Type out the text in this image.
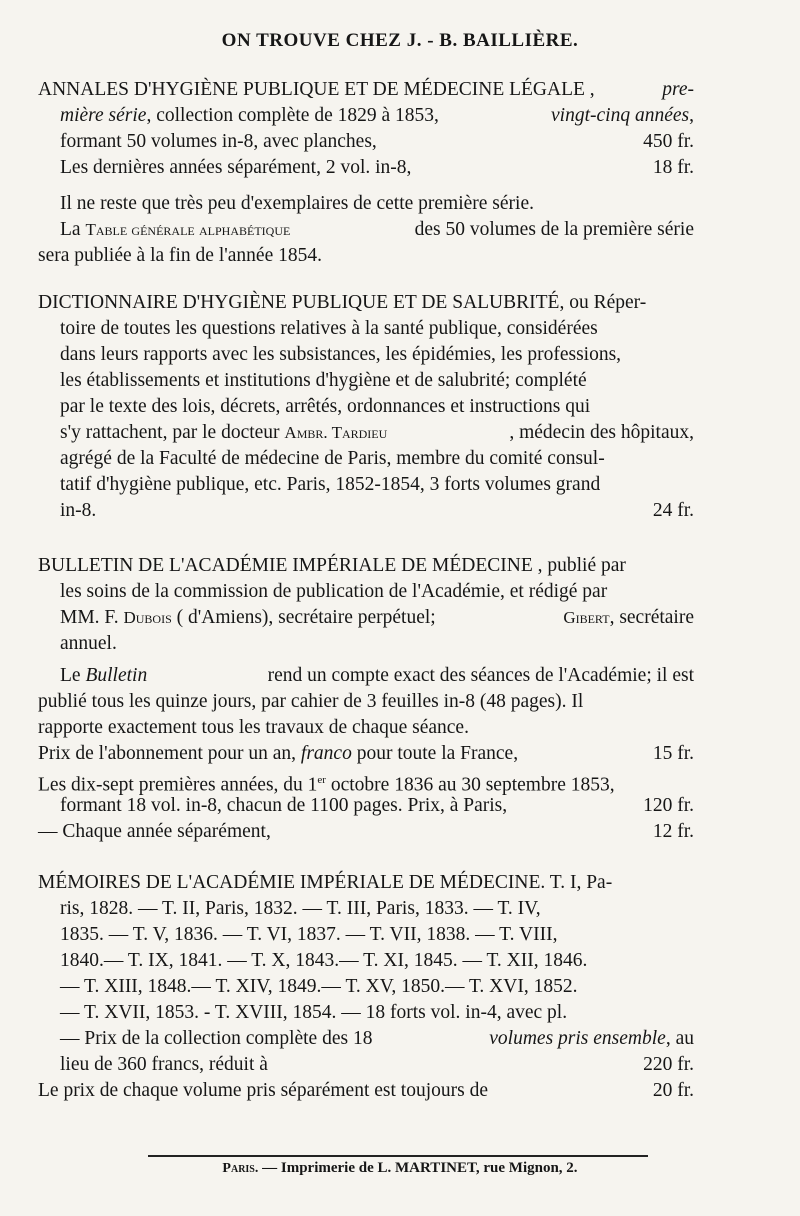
ON TROUVE CHEZ J. - B. BAILLIÈRE.
ANNALES D'HYGIÈNE PUBLIQUE ET DE MÉDECINE LÉGALE ,	pre-
mière série, collection complète de 1829 à 1853,	vingt-cinq années,
formant 50 volumes in-8, avec planches,	450 fr.
Les dernières années séparément, 2 vol. in-8,	18 fr.
Il ne reste que très peu d'exemplaires de cette première série.
La Table générale alphabétique	des 50 volumes de la première série
sera publiée à la fin de l'année 1854.
DICTIONNAIRE D'HYGIÈNE PUBLIQUE ET DE SALUBRITÉ, ou Réper-
toire de toutes les questions relatives à la santé publique, considérées
dans leurs rapports avec les subsistances, les épidémies, les professions,
les établissements et institutions d'hygiène et de salubrité; complété
par le texte des lois, décrets, arrêtés, ordonnances et instructions qui
s'y rattachent, par le docteur Ambr. Tardieu	, médecin des hôpitaux,
agrégé de la Faculté de médecine de Paris, membre du comité consul-
tatif d'hygiène publique, etc. Paris, 1852-1854, 3 forts volumes grand
in-8.	24 fr.
BULLETIN DE L'ACADÉMIE IMPÉRIALE DE MÉDECINE , publié par
les soins de la commission de publication de l'Académie, et rédigé par
MM. F. Dubois ( d'Amiens), secrétaire perpétuel;	Gibert, secrétaire
annuel.
Le Bulletin	rend un compte exact des séances de l'Académie; il est
publié tous les quinze jours, par cahier de 3 feuilles in-8 (48 pages). Il
rapporte exactement tous les travaux de chaque séance.
Prix de l'abonnement pour un an, franco pour toute la France,	15 fr.
Les dix-sept premières années, du 1er octobre 1836 au 30 septembre 1853,
formant 18 vol. in-8, chacun de 1100 pages. Prix, à Paris,	120 fr.
— Chaque année séparément,	12 fr.
MÉMOIRES DE L'ACADÉMIE IMPÉRIALE DE MÉDECINE. T. I, Pa-
ris, 1828. — T. II, Paris, 1832. — T. III, Paris, 1833. — T. IV,
1835. — T. V, 1836. — T. VI, 1837. — T. VII, 1838. — T. VIII,
1840.— T. IX, 1841. — T. X, 1843.— T. XI, 1845. — T. XII, 1846.
— T. XIII, 1848.— T. XIV, 1849.— T. XV, 1850.— T. XVI, 1852.
— T. XVII, 1853. - T. XVIII, 1854. — 18 forts vol. in-4, avec pl.
— Prix de la collection complète des 18	volumes pris ensemble, au
lieu de 360 francs, réduit à	220 fr.
Le prix de chaque volume pris séparément est toujours de	20 fr.
Paris. — Imprimerie de L. MARTINET, rue Mignon, 2.
